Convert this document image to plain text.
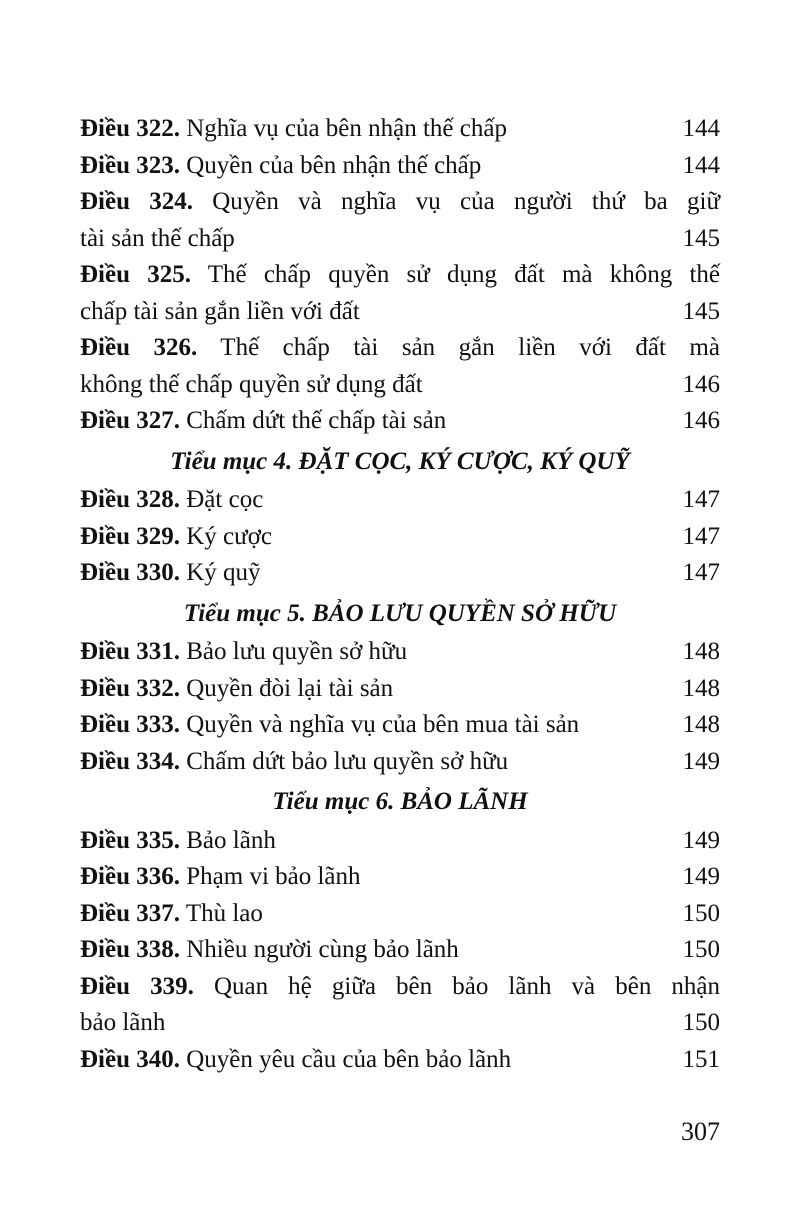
Điều 322. Nghĩa vụ của bên nhận thế chấp	144
Điều 323. Quyền của bên nhận thế chấp	144
Điều 324. Quyền và nghĩa vụ của người thứ ba giữ
tài sản thế chấp	145
Điều 325. Thế chấp quyền sử dụng đất mà không thế
chấp tài sản gắn liền với đất	145
Điều 326. Thế chấp tài sản gắn liền với đất mà
không thế chấp quyền sử dụng đất	146
Điều 327. Chấm dứt thế chấp tài sản	146
Tiểu mục 4. ĐẶT CỌC, KÝ CƯỢC, KÝ QUỸ
Điều 328. Đặt cọc	147
Điều 329. Ký cược	147
Điều 330. Ký quỹ	147
Tiểu mục 5. BẢO LƯU QUYỀN SỞ HỮU
Điều 331. Bảo lưu quyền sở hữu	148
Điều 332. Quyền đòi lại tài sản	148
Điều 333. Quyền và nghĩa vụ của bên mua tài sản	148
Điều 334. Chấm dứt bảo lưu quyền sở hữu	149
Tiểu mục 6. BẢO LÃNH
Điều 335. Bảo lãnh	149
Điều 336. Phạm vi bảo lãnh	149
Điều 337. Thù lao	150
Điều 338. Nhiều người cùng bảo lãnh	150
Điều 339. Quan hệ giữa bên bảo lãnh và bên nhận
bảo lãnh	150
Điều 340. Quyền yêu cầu của bên bảo lãnh	151
307
